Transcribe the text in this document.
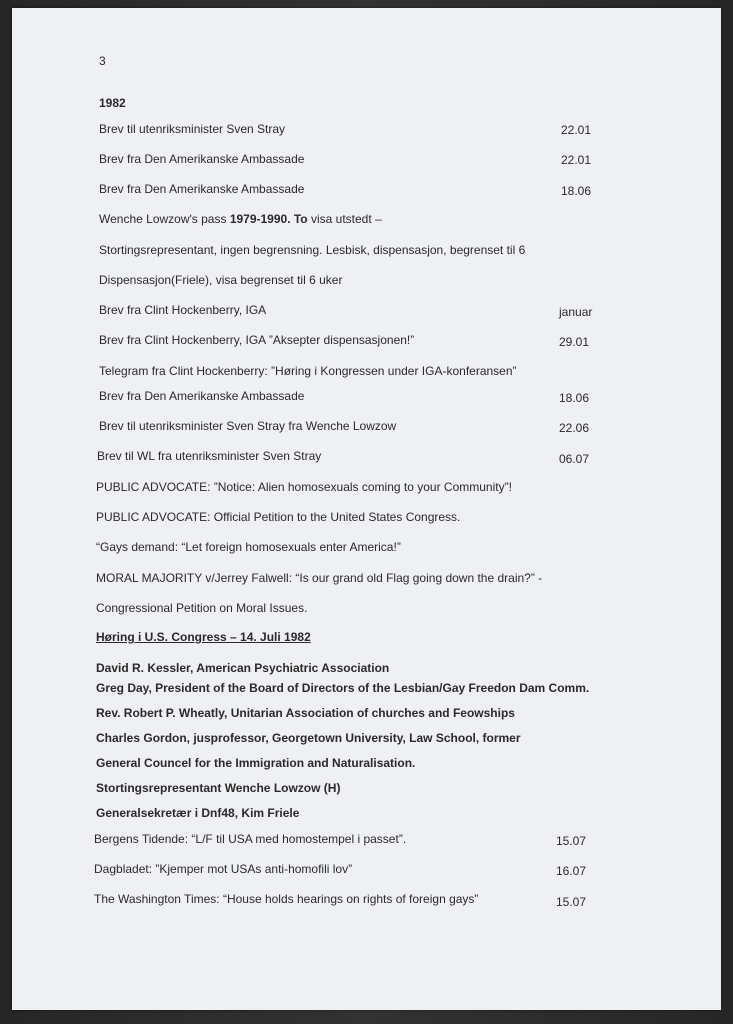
3
1982
Brev til utenriksminister Sven Stray	22.01
Brev fra Den Amerikanske Ambassade	22.01
Brev fra Den Amerikanske Ambassade	18.06
Wenche Lowzow's pass 1979-1990. To visa utstedt –
Stortingsrepresentant, ingen begrensning. Lesbisk, dispensasjon, begrenset til 6
Dispensasjon(Friele), visa begrenset til 6 uker
Brev fra Clint Hockenberry, IGA	januar
Brev fra Clint Hockenberry, IGA ”Aksepter dispensasjonen!”	29.01
Telegram fra Clint Hockenberry: ”Høring i Kongressen under IGA-konferansen”
Brev fra Den Amerikanske Ambassade	18.06
Brev til utenriksminister Sven Stray fra Wenche Lowzow	22.06
Brev til WL fra utenriksminister Sven Stray	06.07
PUBLIC ADVOCATE: ”Notice: Alien homosexuals coming to your Community”!
PUBLIC ADVOCATE: Official Petition to the United States Congress.
“Gays demand: “Let foreign homosexuals enter America!”
MORAL MAJORITY v/Jerrey Falwell: “Is our grand old Flag going down the drain?” -
Congressional Petition on Moral Issues.
Høring i U.S. Congress – 14. Juli 1982
David R. Kessler, American Psychiatric Association
Greg Day, President of the Board of Directors of the Lesbian/Gay Freedon Dam Comm.
Rev. Robert P. Wheatly, Unitarian Association of churches and Feowships
Charles Gordon, jusprofessor, Georgetown University, Law School, former
General Councel for the Immigration and Naturalisation.
Stortingsrepresentant Wenche Lowzow (H)
Generalsekretær i Dnf48, Kim Friele
Bergens Tidende: “L/F til USA med homostempel i passet”.	15.07
Dagbladet: ”Kjemper mot USAs anti-homofili lov”	16.07
The Washington Times: “House holds hearings on rights of foreign gays”	15.07
